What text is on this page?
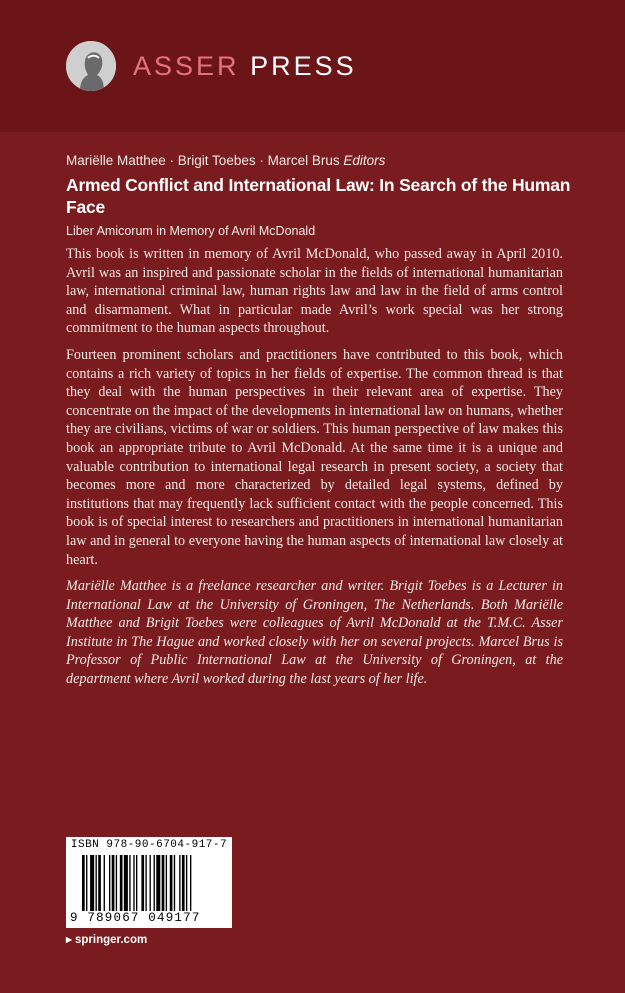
ASSER PRESS
Mariëlle Matthee · Brigit Toebes · Marcel Brus Editors
Armed Conflict and International Law: In Search of the Human Face
Liber Amicorum in Memory of Avril McDonald

This book is written in memory of Avril McDonald, who passed away in April 2010. Avril was an inspired and passionate scholar in the fields of international humanitarian law, international criminal law, human rights law and law in the field of arms control and disarmament. What in particular made Avril’s work special was her strong commitment to the human aspects throughout.

Fourteen prominent scholars and practitioners have contributed to this book, which contains a rich variety of topics in her fields of expertise. The common thread is that they deal with the human perspectives in their relevant area of expertise. They concentrate on the impact of the developments in international law on humans, whether they are civilians, victims of war or soldiers. This human perspective of law makes this book an appropriate tribute to Avril McDonald. At the same time it is a unique and valuable contribution to international legal research in present society, a society that becomes more and more characterized by detailed legal systems, defined by institutions that may frequently lack sufficient contact with the people concerned. This book is of special interest to researchers and practitioners in international humanitarian law and in general to everyone having the human aspects of international law closely at heart.

Mariëlle Matthee is a freelance researcher and writer. Brigit Toebes is a Lecturer in International Law at the University of Groningen, The Netherlands. Both Mariëlle Matthee and Brigit Toebes were colleagues of Avril McDonald at the T.M.C. Asser Institute in The Hague and worked closely with her on several projects. Marcel Brus is Professor of Public International Law at the University of Groningen, at the department where Avril worked during the last years of her life.

ISBN 978-90-6704-917-7
9 789067 049177
▸ springer.com
